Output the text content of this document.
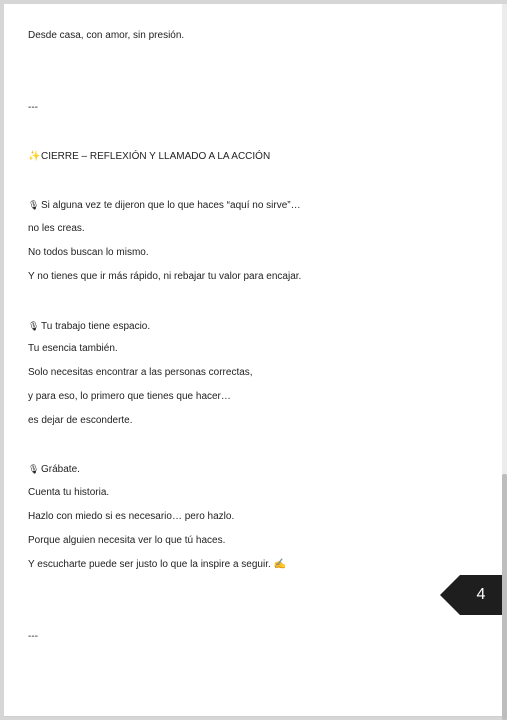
Desde casa, con amor, sin presión.
---
✨CIERRE – REFLEXIÓN Y LLAMADO A LA ACCIÓN
🎙 Si alguna vez te dijeron que lo que haces “aquí no sirve”…
no les creas.
No todos buscan lo mismo.
Y no tienes que ir más rápido, ni rebajar tu valor para encajar.
🎙 Tu trabajo tiene espacio.
Tu esencia también.
Solo necesitas encontrar a las personas correctas,
y para eso, lo primero que tienes que hacer…
es dejar de esconderte.
🎙 Grábate.
Cuenta tu historia.
Hazlo con miedo si es necesario… pero hazlo.
Porque alguien necesita ver lo que tú haces.
Y escucharte puede ser justo lo que la inspire a seguir. ✍
---
4
